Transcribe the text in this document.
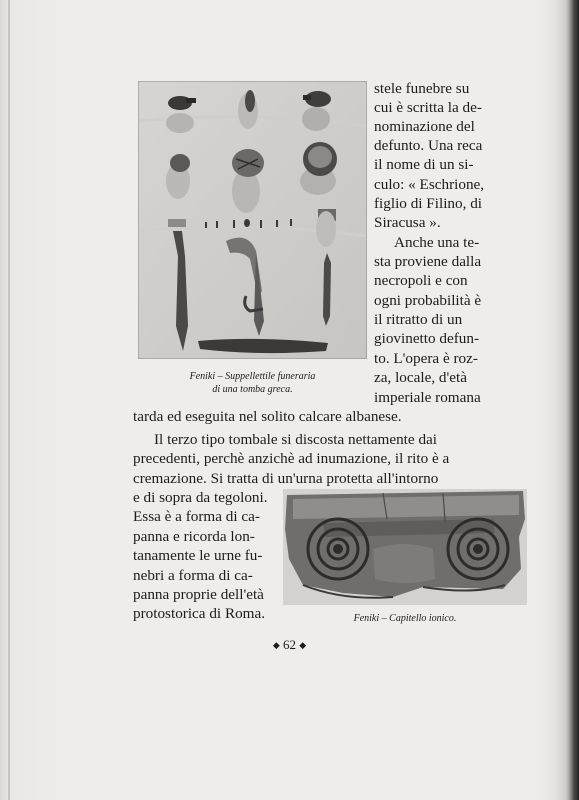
Feniki – Suppellettile funeraria
di una tomba greca.
stele funebre su
cui è scritta la de-
nominazione del
defunto. Una reca
il nome di un si-
culo: « Eschrione,
figlio di Filino, di
Siracusa ».
Anche una te-
sta proviene dalla
necropoli e con
ogni probabilità è
il ritratto di un
giovinetto defun-
to. L'opera è roz-
za, locale, d'età
imperiale romana
tarda ed eseguita nel solito calcare albanese.
Il terzo tipo tombale si discosta nettamente dai
precedenti, perchè anzichè ad inumazione, il rito è a
cremazione. Si tratta di un'urna protetta all'intorno
e di sopra da tegoloni.
Essa è a forma di ca-
panna e ricorda lon-
tanamente le urne fu-
nebri a forma di ca-
panna proprie dell'età
protostorica di Roma.	Feniki – Capitello ionico.
◆ 62 ◆
